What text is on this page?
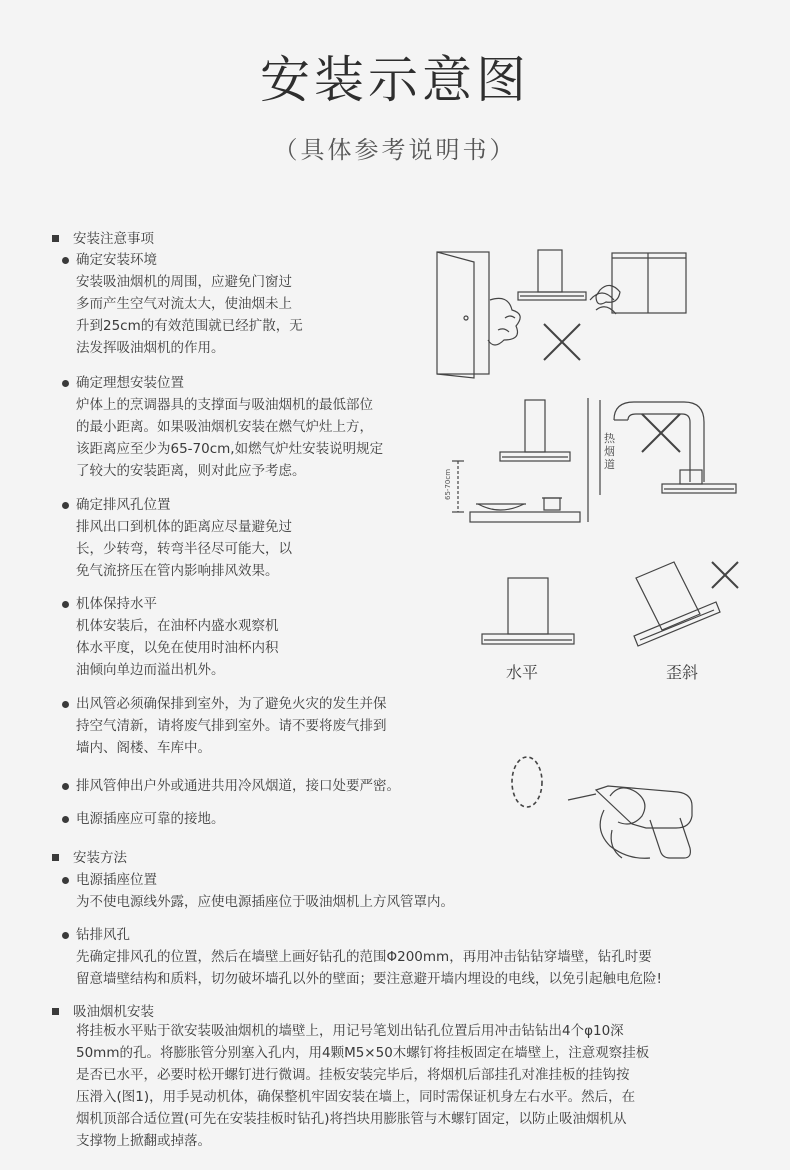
安装示意图
（具体参考说明书）
安装注意事项
确定安装环境
安装吸油烟机的周围，应避免门窗过
多而产生空气对流太大，使油烟未上
升到25cm的有效范围就已经扩散，无
法发挥吸油烟机的作用。
确定理想安装位置
炉体上的烹调器具的支撑面与吸油烟机的最低部位
的最小距离。如果吸油烟机安装在燃气炉灶上方，
该距离应至少为65-70cm,如燃气炉灶安装说明规定
了较大的安装距离，则对此应予考虑。
确定排风孔位置
排风出口到机体的距离应尽量避免过
长，少转弯，转弯半径尽可能大，以
免气流挤压在管内影响排风效果。
机体保持水平
机体安装后，在油杯内盛水观察机
体水平度，以免在使用时油杯内积
油倾向单边而溢出机外。
出风管必须确保排到室外，为了避免火灾的发生并保
持空气清新，请将废气排到室外。请不要将废气排到
墙内、阁楼、车库中。
排风管伸出户外或通进共用冷风烟道，接口处要严密。
电源插座应可靠的接地。
安装方法
电源插座位置
为不使电源线外露，应使电源插座位于吸油烟机上方风管罩内。
钻排风孔
先确定排风孔的位置，然后在墙壁上画好钻孔的范围Φ200mm，再用冲击钻钻穿墙壁，钻孔时要
留意墙壁结构和质料，切勿破坏墙孔以外的壁面；要注意避开墙内埋设的电线，以免引起触电危险!
吸油烟机安装
将挂板水平贴于欲安装吸油烟机的墙壁上，用记号笔划出钻孔位置后用冲击钻钻出4个φ10深
50mm的孔。将膨胀管分别塞入孔内，用4颗M5×50木螺钉将挂板固定在墙壁上，注意观察挂板
是否已水平，必要时松开螺钉进行微调。挂板安装完毕后，将烟机后部挂孔对准挂板的挂钩按
压滑入(图1)，用手晃动机体，确保整机牢固安装在墙上，同时需保证机身左右水平。然后，在
烟机顶部合适位置(可先在安装挂板时钻孔)将挡块用膨胀管与木螺钉固定，以防止吸油烟机从
支撑物上掀翻或掉落。
水平	歪斜
热烟道
65-70cm
